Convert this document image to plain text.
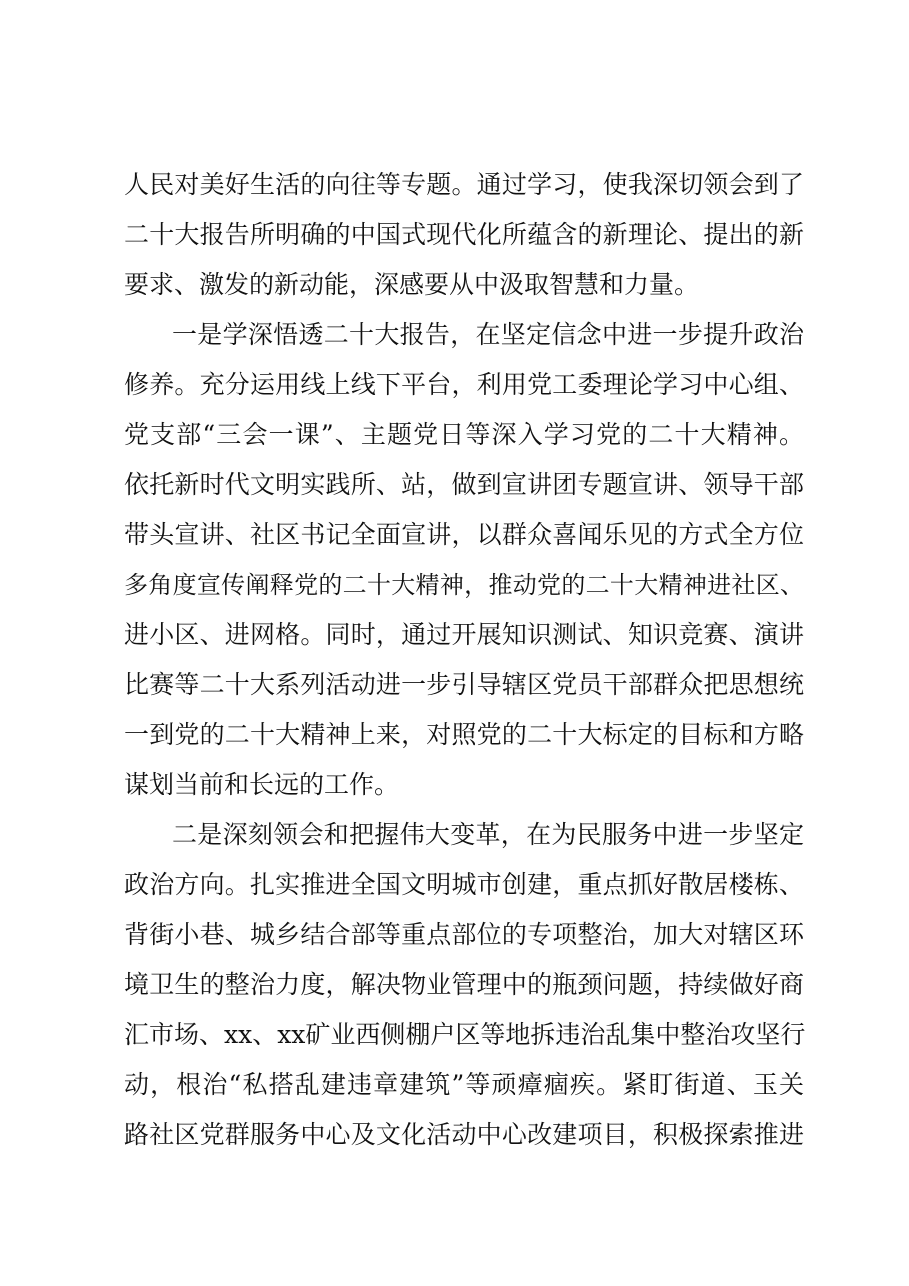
人民对美好生活的向往等专题。通过学习，使我深切领会到了
二十大报告所明确的中国式现代化所蕴含的新理论、提出的新
要求、激发的新动能，深感要从中汲取智慧和力量。
一是学深悟透二十大报告，在坚定信念中进一步提升政治
修养。充分运用线上线下平台，利用党工委理论学习中心组、
党支部“三会一课”、主题党日等深入学习党的二十大精神。
依托新时代文明实践所、站，做到宣讲团专题宣讲、领导干部
带头宣讲、社区书记全面宣讲，以群众喜闻乐见的方式全方位
多角度宣传阐释党的二十大精神，推动党的二十大精神进社区、
进小区、进网格。同时，通过开展知识测试、知识竞赛、演讲
比赛等二十大系列活动进一步引导辖区党员干部群众把思想统
一到党的二十大精神上来，对照党的二十大标定的目标和方略
谋划当前和长远的工作。
二是深刻领会和把握伟大变革，在为民服务中进一步坚定
政治方向。扎实推进全国文明城市创建，重点抓好散居楼栋、
背街小巷、城乡结合部等重点部位的专项整治，加大对辖区环
境卫生的整治力度，解决物业管理中的瓶颈问题，持续做好商
汇市场、xx、xx矿业西侧棚户区等地拆违治乱集中整治攻坚行
动，根治“私搭乱建违章建筑”等顽瘴痼疾。紧盯街道、玉关
路社区党群服务中心及文化活动中心改建项目，积极探索推进
